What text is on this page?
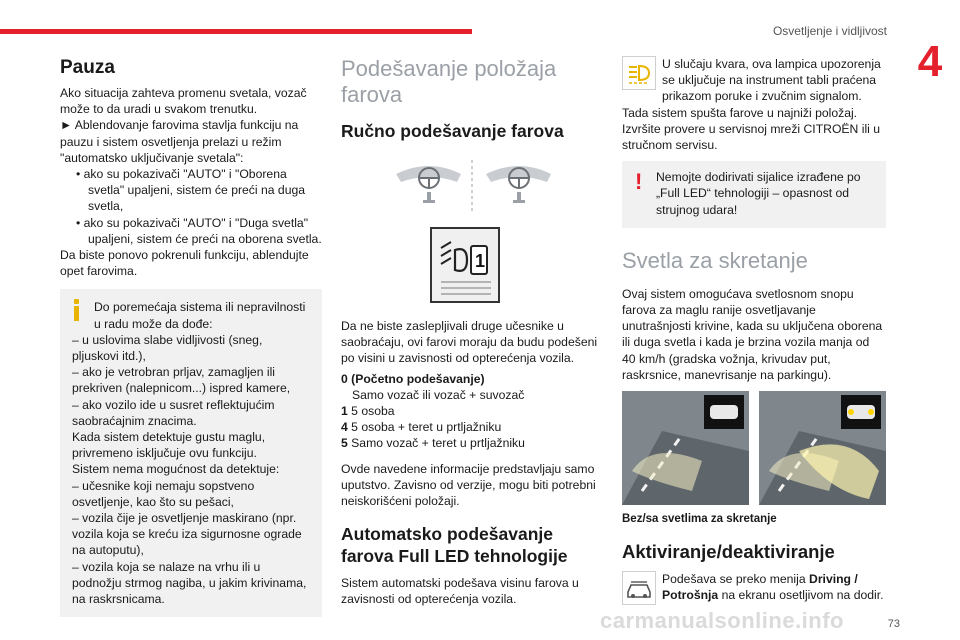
Osvetljenje i vidljivost
4
Pauza

Ako situacija zahteva promenu svetala, vozač može to da uradi u svakom trenutku.

► Ablendovanje farovima stavlja funkciju na pauzu i sistem osvetljenja prelazi u režim "automatsko uključivanje svetala":

• ako su pokazivači "AUTO" i "Oborena svetla" upaljeni, sistem će preći na duga svetla,

• ako su pokazivači "AUTO" i "Duga svetla" upaljeni, sistem će preći na oborena svetla.

Da biste ponovo pokrenuli funkciju, ablendujte opet farovima.

Do poremećaja sistema ili nepravilnosti u radu može da dođe:

– u uslovima slabe vidljivosti (sneg, pljuskovi itd.),

– ako je vetrobran prljav, zamagljen ili prekriven (nalepnicom...) ispred kamere,

– ako vozilo ide u susret reflektujućim saobraćajnim znacima.

Kada sistem detektuje gustu maglu, privremeno isključuje ovu funkciju.

Sistem nema mogućnost da detektuje:

– učesnike koji nemaju sopstveno osvetljenje, kao što su pešaci,

– vozila čije je osvetljenje maskirano (npr. vozila koja se kreću iza sigurnosne ograde na autoputu),

– vozila koja se nalaze na vrhu ili u podnožju strmog nagiba, u jakim krivinama, na raskrsnicama.

Podešavanje položaja farova
Ručno podešavanje farova
1

Da ne biste zaslepljivali druge učesnike u saobraćaju, ovi farovi moraju da budu podešeni po visini u zavisnosti od opterećenja vozila.

0 (Početno podešavanje)

Samo vozač ili vozač + suvozač

1 5 osoba

4 5 osoba + teret u prtljažniku

5 Samo vozač + teret u prtljažniku

Ovde navedene informacije predstavljaju samo uputstvo. Zavisno od verzije, mogu biti potrebni neiskorišćeni položaji.

Automatsko podešavanje farova Full LED tehnologije

Sistem automatski podešava visinu farova u zavisnosti od opterećenja vozila.

U slučaju kvara, ova lampica upozorenja se uključuje na instrument tabli praćena prikazom poruke i zvučnim signalom.

Tada sistem spušta farove u najniži položaj.

Izvršite provere u servisnoj mreži CITROËN ili u stručnom servisu.

!	Nemojte dodirivati sijalice izrađene po „Full LED“ tehnologiji – opasnost od strujnog udara!

Svetla za skretanje

Ovaj sistem omogućava svetlosnom snopu farova za maglu ranije osvetljavanje unutrašnjosti krivine, kada su uključena oborena ili duga svetla i kada je brzina vozila manja od 40 km/h (gradska vožnja, krivudav put, raskrsnice, manevrisanje na parkingu).

Bez/sa svetlima za skretanje

Aktiviranje/deaktiviranje

Podešava se preko menija Driving / Potrošnja na ekranu osetljivom na dodir.

carmanualsonline.info	73
